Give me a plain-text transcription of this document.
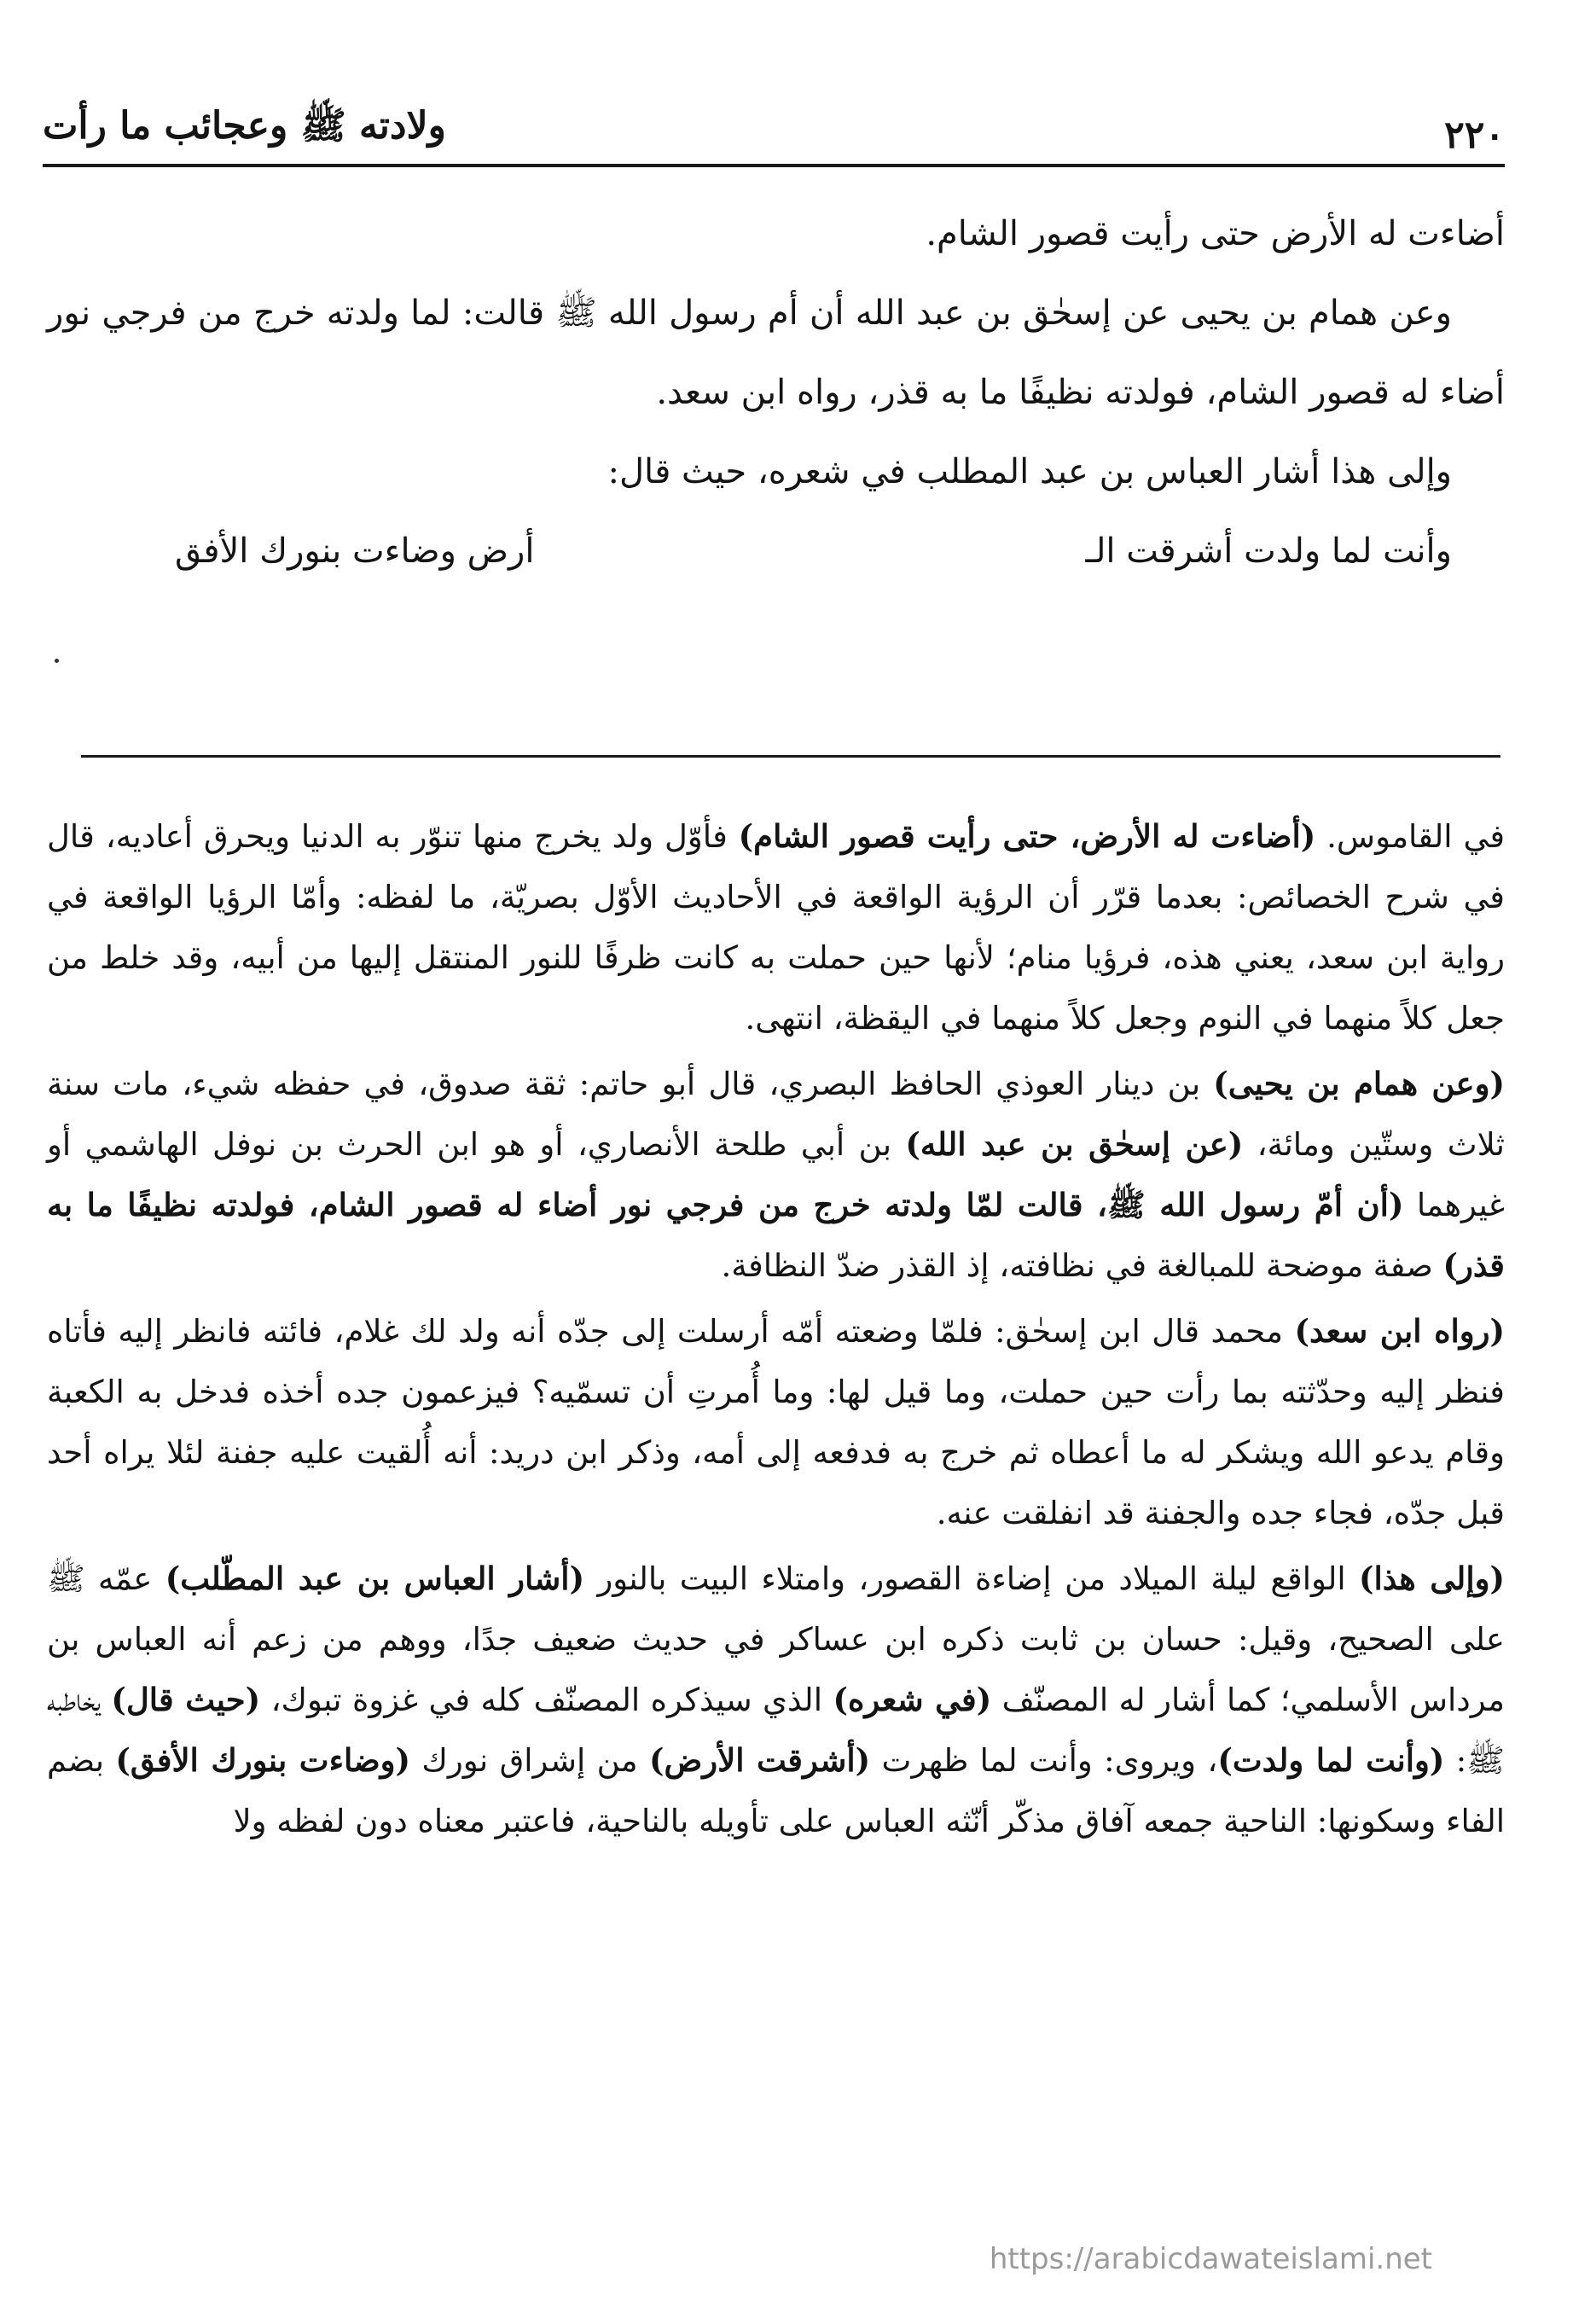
٢٢٠
ولادته ﷺ وعجائب ما رأت

أضاءت له الأرض حتى رأيت قصور الشام.

وعن همام بن يحيى عن إسحٰق بن عبد الله أن أم رسول الله ﷺ قالت: لما ولدته خرج من فرجي نور أضاء له قصور الشام، فولدته نظيفًا ما به قذر، رواه ابن سعد.

وإلى هذا أشار العباس بن عبد المطلب في شعره، حيث قال:

وأنت لما ولدت أشرقت الـ
أرض وضاءت بنورك الأفق

في القاموس. (أضاءت له الأرض، حتى رأيت قصور الشام) فأوّل ولد يخرج منها تنوّر به الدنيا ويحرق أعاديه، قال في شرح الخصائص: بعدما قرّر أن الرؤية الواقعة في الأحاديث الأوّل بصريّة، ما لفظه: وأمّا الرؤيا الواقعة في رواية ابن سعد، يعني هذه، فرؤيا منام؛ لأنها حين حملت به كانت ظرفًا للنور المنتقل إليها من أبيه، وقد خلط من جعل كلاً منهما في النوم وجعل كلاً منهما في اليقظة، انتهى.

(وعن همام بن يحيى) بن دينار العوذي الحافظ البصري، قال أبو حاتم: ثقة صدوق، في حفظه شيء، مات سنة ثلاث وستّين ومائة، (عن إسحٰق بن عبد الله) بن أبي طلحة الأنصاري، أو هو ابن الحرث بن نوفل الهاشمي أو غيرهما (أن أمّ رسول الله ﷺ، قالت لمّا ولدته خرج من فرجي نور أضاء له قصور الشام، فولدته نظيفًا ما به قذر) صفة موضحة للمبالغة في نظافته، إذ القذر ضدّ النظافة.

(رواه ابن سعد) محمد قال ابن إسحٰق: فلمّا وضعته أمّه أرسلت إلى جدّه أنه ولد لك غلام، فائته فانظر إليه فأتاه فنظر إليه وحدّثته بما رأت حين حملت، وما قيل لها: وما أُمرتِ أن تسمّيه؟ فيزعمون جده أخذه فدخل به الكعبة وقام يدعو الله ويشكر له ما أعطاه ثم خرج به فدفعه إلى أمه، وذكر ابن دريد: أنه أُلقيت عليه جفنة لئلا يراه أحد قبل جدّه، فجاء جده والجفنة قد انفلقت عنه.

(وإلى هذا) الواقع ليلة الميلاد من إضاءة القصور، وامتلاء البيت بالنور (أشار العباس بن عبد المطّلب) عمّه ﷺ على الصحيح، وقيل: حسان بن ثابت ذكره ابن عساكر في حديث ضعيف جدًا، ووهم من زعم أنه العباس بن مرداس الأسلمي؛ كما أشار له المصنّف (في شعره) الذي سيذكره المصنّف كله في غزوة تبوك، (حيث قال) يخاطبه ﷺ: (وأنت لما ولدت)، ويروى: وأنت لما ظهرت (أشرقت الأرض) من إشراق نورك (وضاءت بنورك الأفق) بضم الفاء وسكونها: الناحية جمعه آفاق مذكّر أنّثه العباس على تأويله بالناحية، فاعتبر معناه دون لفظه ولا

https://arabicdawateislami.net
